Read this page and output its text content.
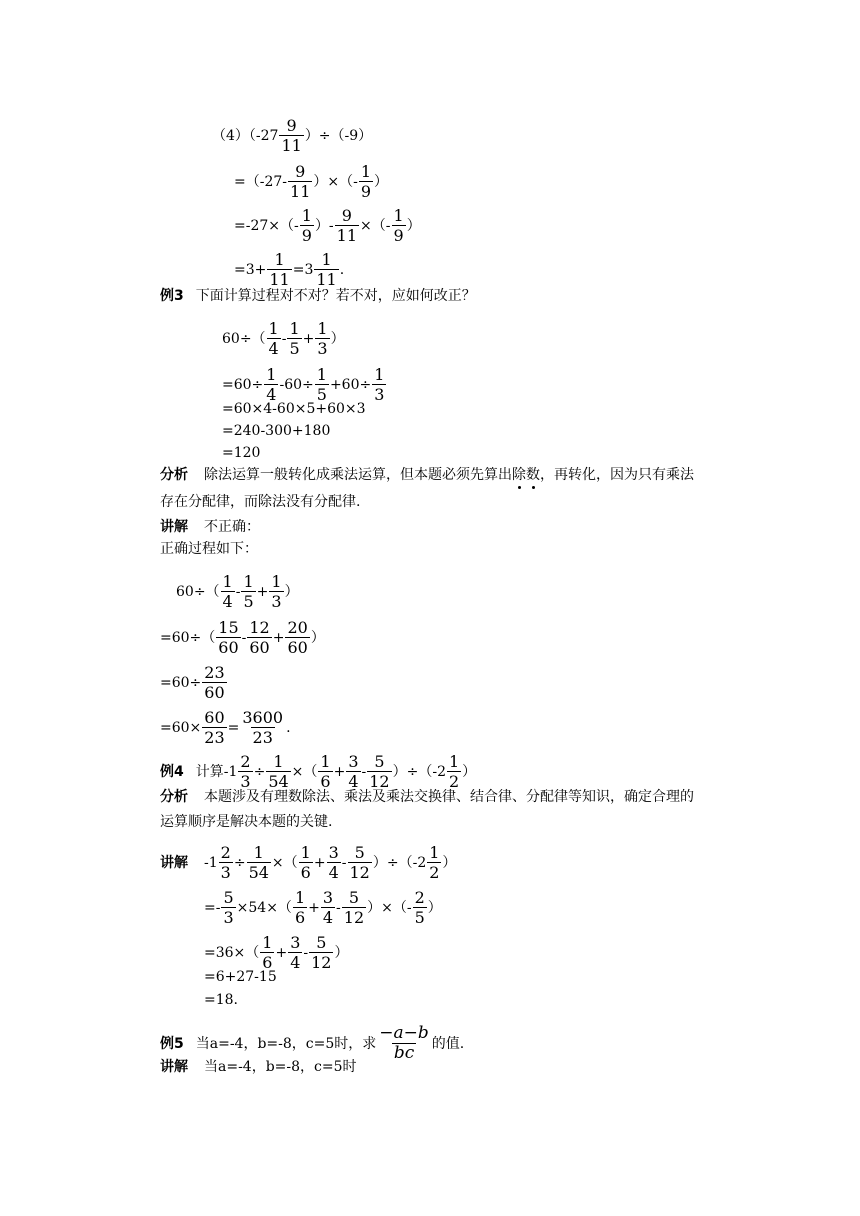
$(4)(-27 \frac{9}{11} )\div(-9)$
$=(-27- \frac{9}{11}$ ）×（- $\frac{1}{9}$ ）
$=-27\times(- \frac{1}{9}$ ）- $\frac{9}{11}$ ×（- $\frac{1}{9}$ ）
$=3+ \frac{1}{11} =3 \frac{1}{11}$ .
例3 下面计算过程对不对？若不对，应如何改正？
$60\div( \frac{1}{4} - \frac{1}{5} + \frac{1}{3}$ ）
$=60\div \frac{1}{4} -60\div \frac{1}{5} +60\div \frac{1}{3}$
=60×4-60×5+60×3
=240-300+180
=120
分析 除法运算一般转化成乘法运算，但本题必须先算出 除 数 ，再转化，因为只有乘法
存在分配律，而除法没有分配律.
讲解 不正确：
正确过程如下：
$60\div( \frac{1}{4} - \frac{1}{5} + \frac{1}{3}$ ）
$=60\div( \frac{15}{60} - \frac{12}{60} + \frac{20}{60}$ ）
$=60\div \frac{23}{60}$
$=60\times \frac{60}{23} = \frac{3600}{23}$ .
例4 计算$-1 \frac{2}{3} \div \frac{1}{54}$ ×（ $\frac{1}{6} + \frac{3}{4} - \frac{5}{12} )\div(-2 \frac{1}{2}$ ）
分析 本题涉及有理数除法、乘法及乘法交换律、结合律、分配律等知识，确定合理的
运算顺序是解决本题的关键.
讲解 $-1 \frac{2}{3} \div \frac{1}{54}$ ×（ $\frac{1}{6} + \frac{3}{4} - \frac{5}{12} )\div(-2 \frac{1}{2}$ ）
=- $\frac{5}{3} \times 54\times( \frac{1}{6} + \frac{3}{4} - \frac{5}{12}$ ）×（- $\frac{2}{5}$ ）
$=36\times( \frac{1}{6} + \frac{3}{4} - \frac{5}{12}$ ）
=6+27-15
=18.
例5 当a=-4，b=-8，c=5时，求 $\frac{-a-b}{bc}$ 的值.
讲解 当a=-4，b=-8，c=5时
